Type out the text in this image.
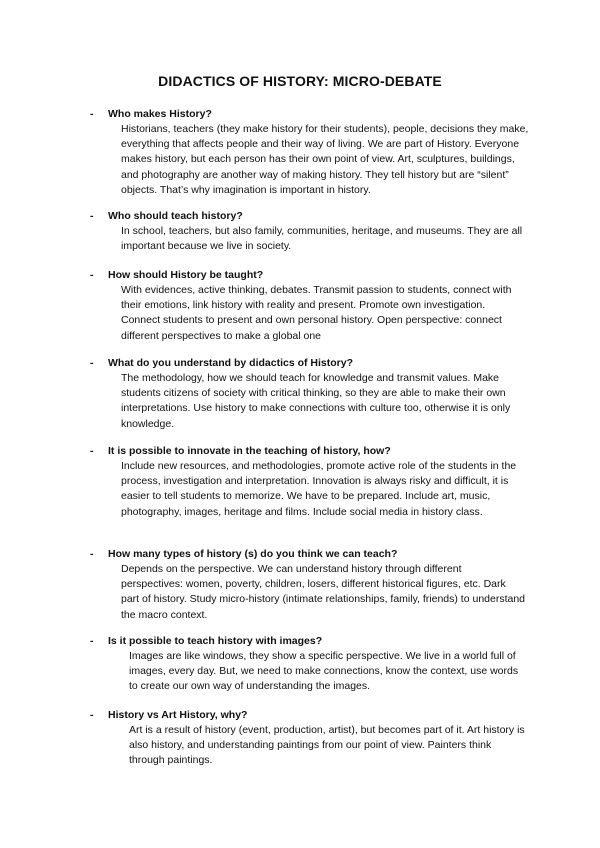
DIDACTICS OF HISTORY: MICRO-DEBATE
- Who makes History?
Historians, teachers (they make history for their students), people, decisions they make, everything that affects people and their way of living. We are part of History. Everyone makes history, but each person has their own point of view. Art, sculptures, buildings, and photography are another way of making history. They tell history but are “silent” objects. That’s why imagination is important in history.
- Who should teach history?
In school, teachers, but also family, communities, heritage, and museums. They are all important because we live in society.
- How should History be taught?
With evidences, active thinking, debates. Transmit passion to students, connect with their emotions, link history with reality and present. Promote own investigation. Connect students to present and own personal history. Open perspective: connect different perspectives to make a global one
- What do you understand by didactics of History?
The methodology, how we should teach for knowledge and transmit values. Make students citizens of society with critical thinking, so they are able to make their own interpretations. Use history to make connections with culture too, otherwise it is only knowledge.
- It is possible to innovate in the teaching of history, how?
Include new resources, and methodologies, promote active role of the students in the process, investigation and interpretation. Innovation is always risky and difficult, it is easier to tell students to memorize. We have to be prepared. Include art, music, photography, images, heritage and films. Include social media in history class.
- How many types of history (s) do you think we can teach?
Depends on the perspective. We can understand history through different perspectives: women, poverty, children, losers, different historical figures, etc. Dark part of history. Study micro-history (intimate relationships, family, friends) to understand the macro context.
- Is it possible to teach history with images?
Images are like windows, they show a specific perspective. We live in a world full of images, every day. But, we need to make connections, know the context, use words to create our own way of understanding the images.
- History vs Art History, why?
Art is a result of history (event, production, artist), but becomes part of it. Art history is also history, and understanding paintings from our point of view. Painters think through paintings.
